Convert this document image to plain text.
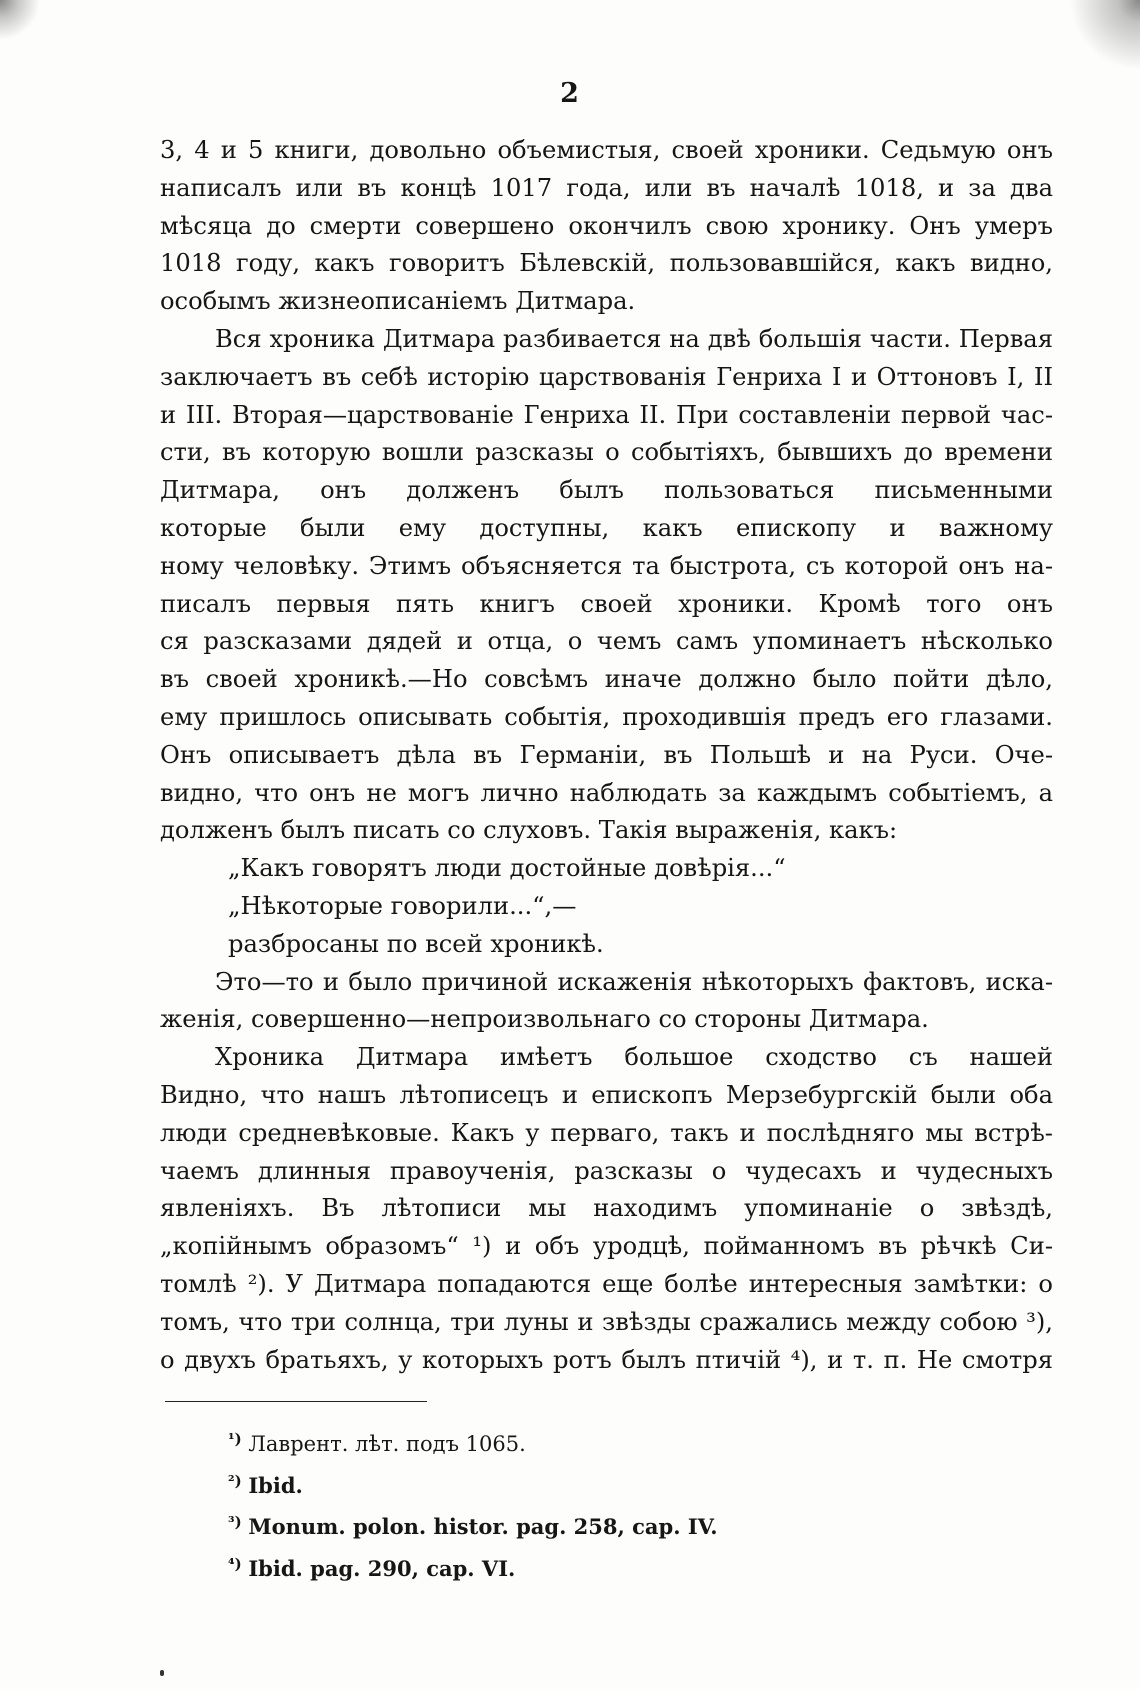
2

3, 4 и 5 книги, довольно объемистыя, своей хроники. Седьмую онъ
написалъ или въ концѣ 1017 года, или въ началѣ 1018, и за два
мѣсяца до смерти совершено окончилъ свою хронику. Онъ умеръ
1018 году, какъ говоритъ Бѣлевскій, пользовавшійся, какъ видно,
особымъ жизнеописаніемъ Дитмара.

Вся хроника Дитмара разбивается на двѣ большія части. Первая
заключаетъ въ себѣ исторію царствованія Генриха I и Оттоновъ I, II
и III. Вторая—царствованіе Генриха II. При составленіи первой час-
сти, въ которую вошли разсказы о событіяхъ, бывшихъ до времени
Дитмара, онъ долженъ былъ пользоваться письменными
которые были ему доступны, какъ епископу и важному
ному человѣку. Этимъ объясняется та быстрота, съ которой онъ на-
писалъ первыя пять книгъ своей хроники. Кромѣ того онъ
ся разсказами дядей и отца, о чемъ самъ упоминаетъ нѣсколько
въ своей хроникѣ.—Но совсѣмъ иначе должно было пойти дѣло,
ему пришлось описывать событія, проходившія предъ его глазами.
Онъ описываетъ дѣла въ Германіи, въ Польшѣ и на Руси. Оче-
видно, что онъ не могъ лично наблюдать за каждымъ событіемъ, а
долженъ былъ писать со слуховъ. Такія выраженія, какъ:

„Какъ говорятъ люди достойные довѣрія...“
„Нѣкоторые говорили...“,—
разбросаны по всей хроникѣ.

Это—то и было причиной искаженія нѣкоторыхъ фактовъ, иска-
женія, совершенно—непроизвольнаго со стороны Дитмара.

Хроника Дитмара имѣетъ большое сходство съ нашей
Видно, что нашъ лѣтописецъ и епископъ Мерзебургскій были оба
люди средневѣковые. Какъ у перваго, такъ и послѣдняго мы встрѣ-
чаемъ длинныя правоученія, разсказы о чудесахъ и чудесныхъ
явленіяхъ. Въ лѣтописи мы находимъ упоминаніе о звѣздѣ,
„копійнымъ образомъ“ ¹) и объ уродцѣ, пойманномъ въ рѣчкѣ Си-
томлѣ ²). У Дитмара попадаются еще болѣе интересныя замѣтки: о
томъ, что три солнца, три луны и звѣзды сражались между собою ³),
о двухъ братьяхъ, у которыхъ ротъ былъ птичій ⁴), и т. п. Не смотря

$^{^1)}$ Лаврент. лѣт. подъ 1065.
$^{^2)}$ Ibid.
$^{^3)}$ Monum. polon. histor. pag. 258, cap. IV.
$^{^4)}$ Ibid. pag. 290, cap. VI.
